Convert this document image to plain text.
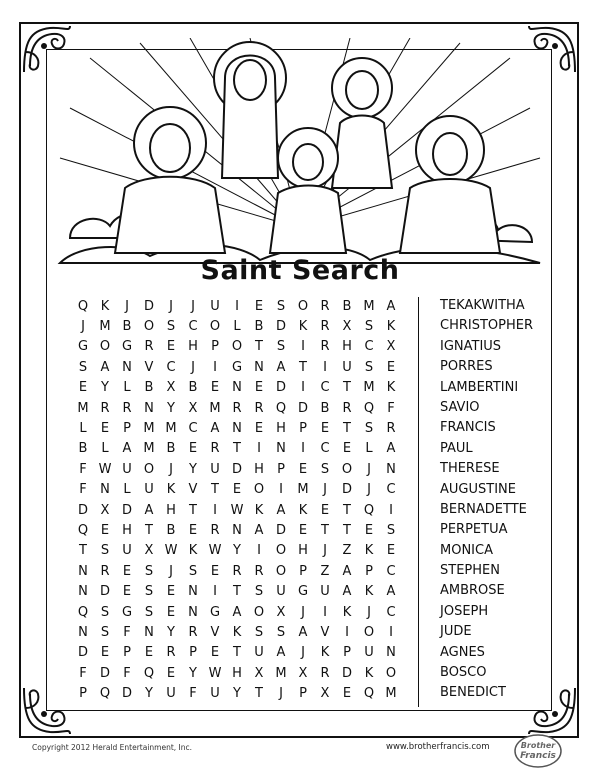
Saint Search
Q K	J	D	J	J	U	I	E	S O R	B M A
J	M B O S	C O	L	B D K	R	X	S	K
G O G R	E	H	P O T	S	I	R H C	X
S	A N V	C	J	I	G N A	T	I	U	S	E
E	Y	L	B	X	B	E	N	E D	I	C	T M K
M R R N	Y	X M R R Q D B	R Q	F
L	E	P M M C	A N	E	H	P	E	T	S	R
B	L	A M B	E	R	T	I	N	I	C	E	L	A
F W U O	J	Y	U D H	P	E	S O	J	N
F	N	L	U K	V	T	E O	I	M	J	D	J	C
D X D A H	T	I	W K	A	K	E	T Q	I
Q E	H	T	B	E	R N A D E	T	T	E	S
T	S	U X W K W Y	I	O H	J	Z	K	E
N R	E	S	J	S	E	R R O P	Z	A	P	C
N D E	S	E	N	I	T	S	U G U A	K	A
Q S G S	E	N G A O X	J	I	K	J	C
N	S	F	N	Y	R	V	K	S	S	A	V	I	O	I
D E	P	E	R	P	E	T	U A	J	K	P	U N
F	D	F	Q E	Y W H X M X	R D K O
P Q D	Y	U	F	U	Y	T	J	P	X	E Q M
TEKAKWITHA
CHRISTOPHER
IGNATIUS
PORRES
LAMBERTINI
SAVIO
FRANCIS
PAUL
THERESE
AUGUSTINE
BERNADETTE
PERPETUA
MONICA
STEPHEN
AMBROSE
JOSEPH
JUDE
AGNES
BOSCO
BENEDICT
Copyright 2012 Herald Entertainment, Inc.	www.brotherfrancis.com	Brother
Francis
